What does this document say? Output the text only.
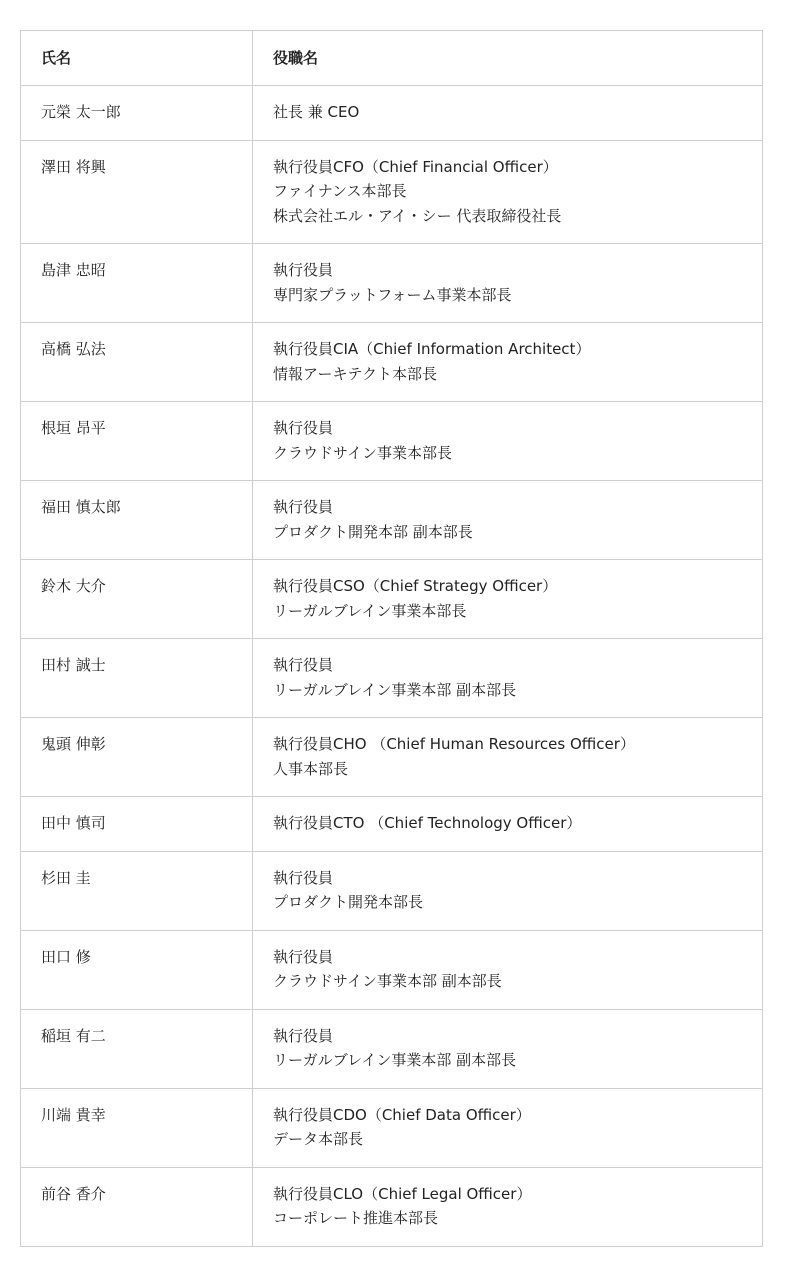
氏名	役職名
元榮 太一郎	社長 兼 CEO

澤田 将興	執行役員CFO（Chief Financial Officer）
ファイナンス本部長
株式会社エル・アイ・シー 代表取締役社長

島津 忠昭	執行役員
専門家プラットフォーム事業本部長

高橋 弘法	執行役員CIA（Chief Information Architect）
情報アーキテクト本部長

根垣 昂平	執行役員
クラウドサイン事業本部長

福田 慎太郎	執行役員
プロダクト開発本部 副本部長

鈴木 大介	執行役員CSO（Chief Strategy Officer）
リーガルブレイン事業本部長

田村 誠士	執行役員
リーガルブレイン事業本部 副本部長

鬼頭 伸彰	執行役員CHO （Chief Human Resources Officer）
人事本部長

田中 慎司	執行役員CTO （Chief Technology Officer）

杉田 圭	執行役員
プロダクト開発本部長

田口 修	執行役員
クラウドサイン事業本部 副本部長

稲垣 有二	執行役員
リーガルブレイン事業本部 副本部長

川端 貴幸	執行役員CDO（Chief Data Officer）
データ本部長

前谷 香介	執行役員CLO（Chief Legal Officer）
コーポレート推進本部長
